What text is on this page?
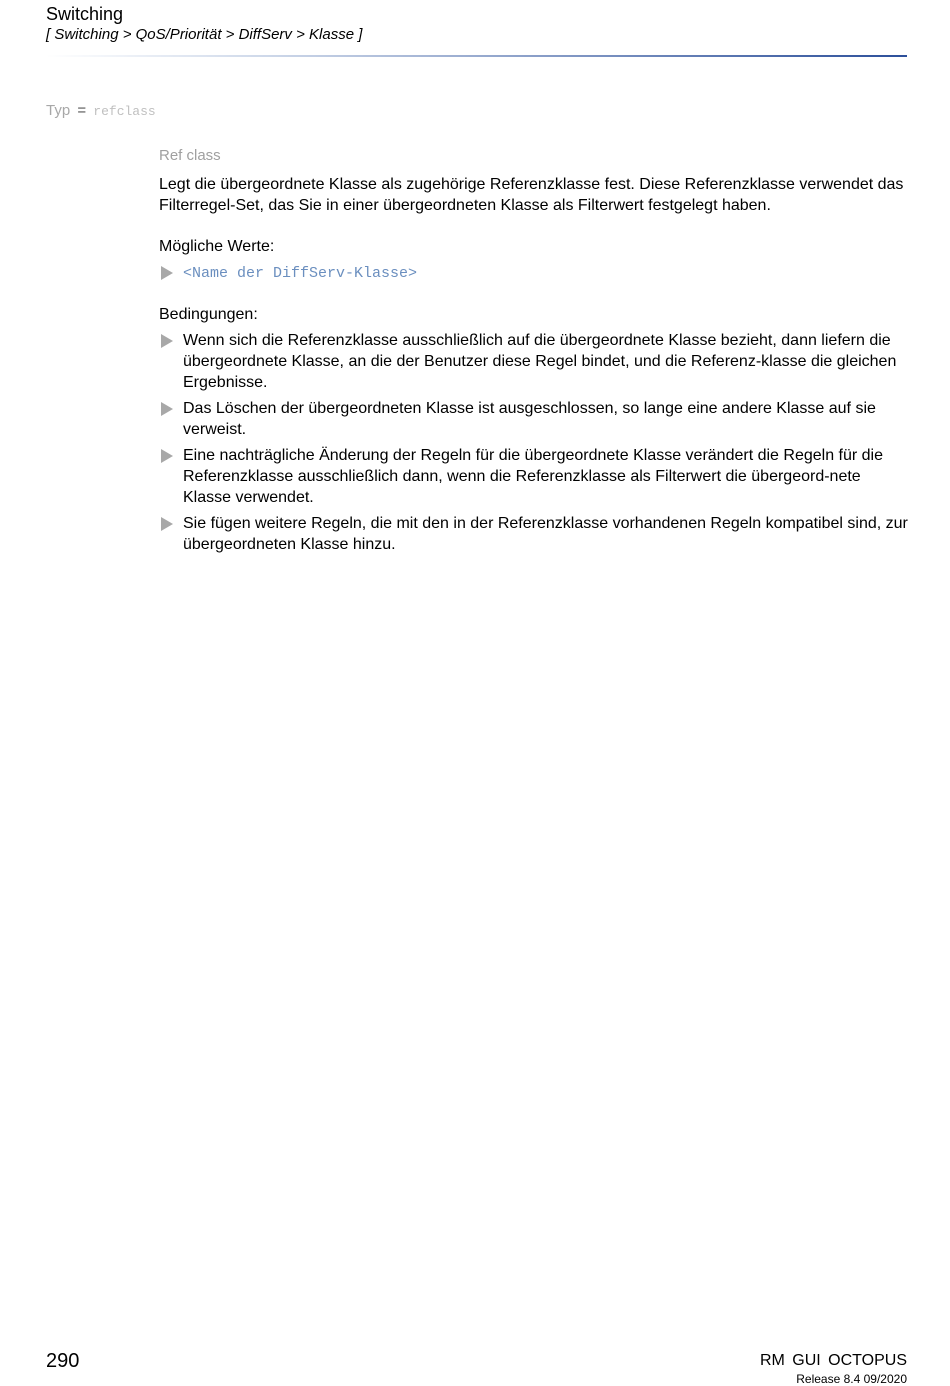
Switching
[ Switching > QoS/Priorität > DiffServ > Klasse ]
Typ = refclass
Ref class

Legt die übergeordnete Klasse als zugehörige Referenzklasse fest. Diese Referenzklasse verwendet das Filterregel-Set, das Sie in einer übergeordneten Klasse als Filterwert festgelegt haben.

Mögliche Werte:
<Name der DiffServ-Klasse>
Bedingungen:
Wenn sich die Referenzklasse ausschließlich auf die übergeordnete Klasse bezieht, dann liefern die übergeordnete Klasse, an die der Benutzer diese Regel bindet, und die Referenz-klasse die gleichen Ergebnisse.
Das Löschen der übergeordneten Klasse ist ausgeschlossen, so lange eine andere Klasse auf sie verweist.
Eine nachträgliche Änderung der Regeln für die übergeordnete Klasse verändert die Regeln für die Referenzklasse ausschließlich dann, wenn die Referenzklasse als Filterwert die übergeord-nete Klasse verwendet.
Sie fügen weitere Regeln, die mit den in der Referenzklasse vorhandenen Regeln kompatibel sind, zur übergeordneten Klasse hinzu.
290	RM GUI OCTOPUS
Release 8.4 09/2020
